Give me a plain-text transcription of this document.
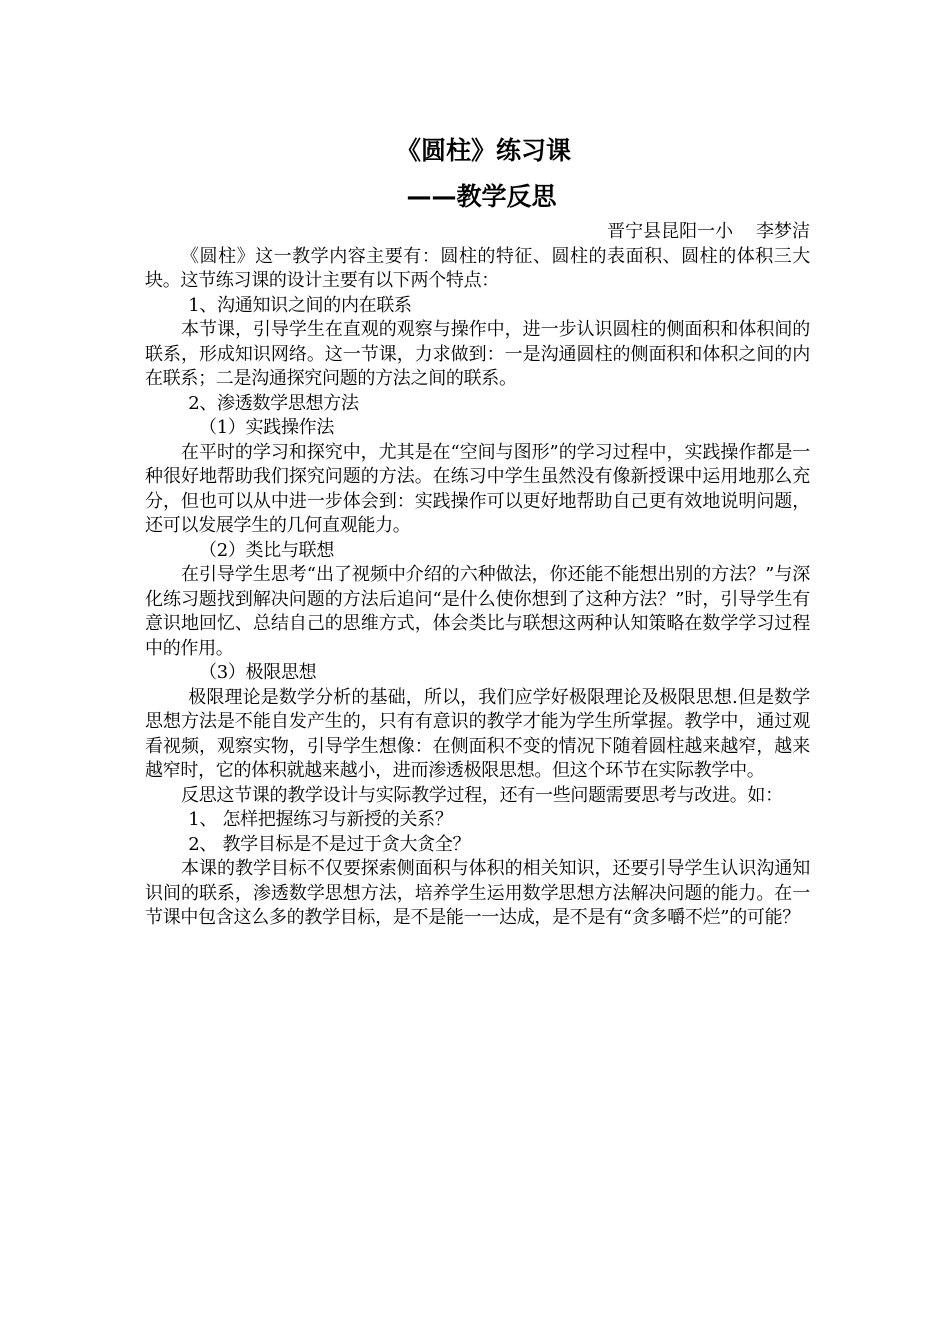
《圆柱》练习课
——教学反思

晋宁县昆阳一小    李梦洁

《圆柱》这一教学内容主要有：圆柱的特征、圆柱的表面积、圆柱的体积三大块。这节练习课的设计主要有以下两个特点：

1、沟通知识之间的内在联系

本节课，引导学生在直观的观察与操作中，进一步认识圆柱的侧面积和体积间的联系，形成知识网络。这一节课，力求做到：一是沟通圆柱的侧面积和体积之间的内在联系；二是沟通探究问题的方法之间的联系。

2、渗透数学思想方法

（1）实践操作法

在平时的学习和探究中，尤其是在“空间与图形”的学习过程中，实践操作都是一种很好地帮助我们探究问题的方法。在练习中学生虽然没有像新授课中运用地那么充分，但也可以从中进一步体会到：实践操作可以更好地帮助自己更有效地说明问题，还可以发展学生的几何直观能力。

（2）类比与联想

在引导学生思考“出了视频中介绍的六种做法，你还能不能想出别的方法？”与深化练习题找到解决问题的方法后追问“是什么使你想到了这种方法？”时，引导学生有意识地回忆、总结自己的思维方式，体会类比与联想这两种认知策略在数学学习过程中的作用。

（3）极限思想

极限理论是数学分析的基础，所以，我们应学好极限理论及极限思想.但是数学思想方法是不能自发产生的，只有有意识的教学才能为学生所掌握。教学中，通过观看视频，观察实物，引导学生想像：在侧面积不变的情况下随着圆柱越来越窄，越来越窄时，它的体积就越来越小，进而渗透极限思想。但这个环节在实际教学中。

反思这节课的教学设计与实际教学过程，还有一些问题需要思考与改进。如：

1、 怎样把握练习与新授的关系？

2、 教学目标是不是过于贪大贪全？

本课的教学目标不仅要探索侧面积与体积的相关知识，还要引导学生认识沟通知识间的联系，渗透数学思想方法，培养学生运用数学思想方法解决问题的能力。在一节课中包含这么多的教学目标，是不是能一一达成，是不是有“贪多嚼不烂”的可能？
